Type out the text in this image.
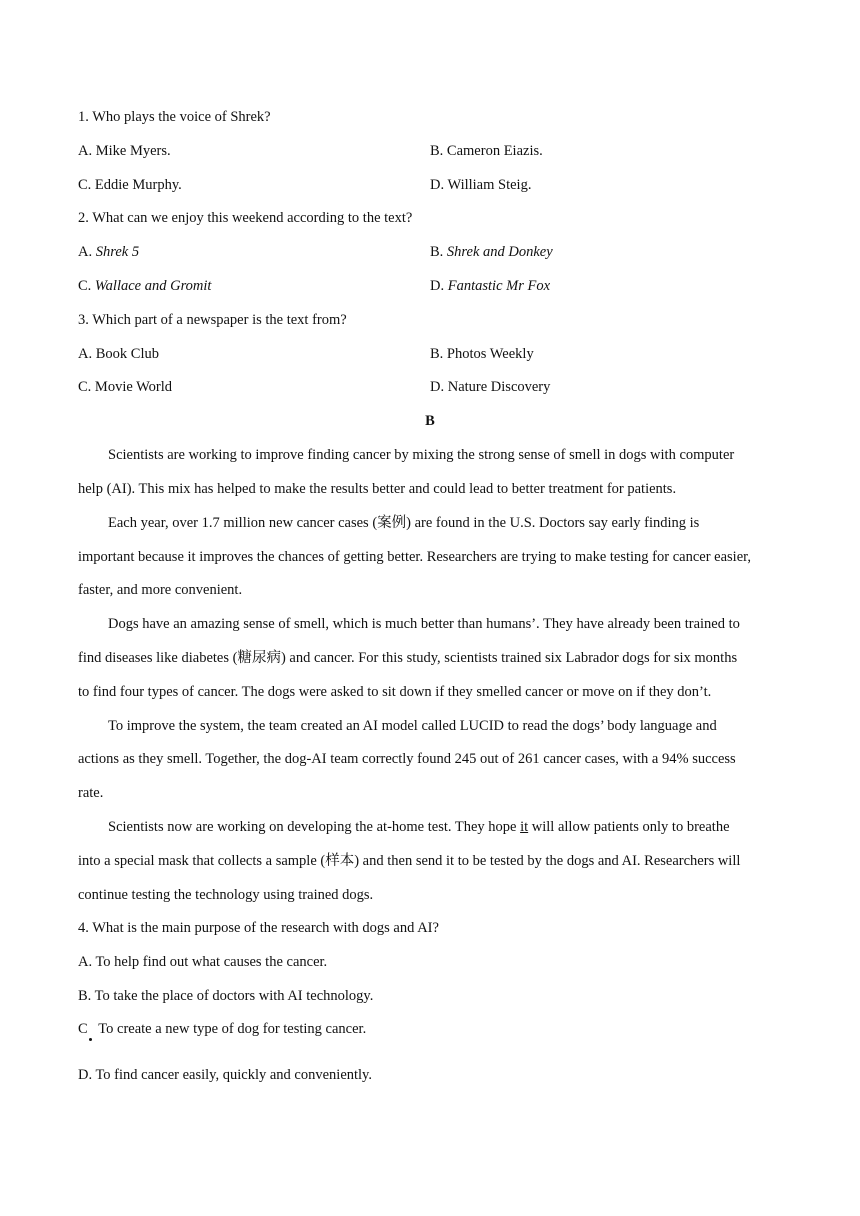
1. Who plays the voice of Shrek?
A. Mike Myers.	B. Cameron Eiazis.
C. Eddie Murphy.	D. William Steig.
2. What can we enjoy this weekend according to the text?
A. Shrek 5	B. Shrek and Donkey
C. Wallace and Gromit	D. Fantastic Mr Fox
3. Which part of a newspaper is the text from?
A. Book Club	B. Photos Weekly
C. Movie World	D. Nature Discovery
B
Scientists are working to improve finding cancer by mixing the strong sense of smell in dogs with computer
help (AI). This mix has helped to make the results better and could lead to better treatment for patients.
Each year, over 1.7 million new cancer cases (案例) are found in the U.S. Doctors say early finding is
important because it improves the chances of getting better. Researchers are trying to make testing for cancer easier,
faster, and more convenient.
Dogs have an amazing sense of smell, which is much better than humans’. They have already been trained to
find diseases like diabetes (糖尿病) and cancer. For this study, scientists trained six Labrador dogs for six months
to find four types of cancer. The dogs were asked to sit down if they smelled cancer or move on if they don’t.
To improve the system, the team created an AI model called LUCID to read the dogs’ body language and
actions as they smell. Together, the dog-AI team correctly found 245 out of 261 cancer cases, with a 94% success
rate.
Scientists now are working on developing the at-home test. They hope it will allow patients only to breathe
into a special mask that collects a sample (样本) and then send it to be tested by the dogs and AI. Researchers will
continue testing the technology using trained dogs.
4. What is the main purpose of the research with dogs and AI?
A. To help find out what causes the cancer.
B. To take the place of doctors with AI technology.
C   To create a new type of dog for testing cancer.
D. To find cancer easily, quickly and conveniently.
